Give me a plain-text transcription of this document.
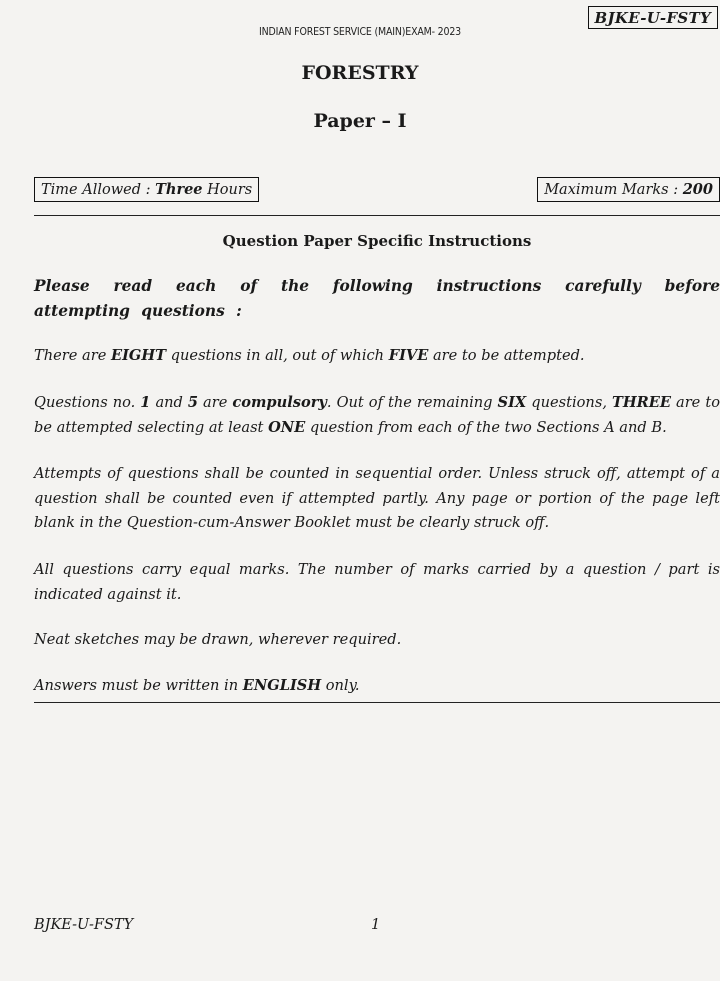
INDIAN FOREST SERVICE (MAIN)EXAM- 2023
BJKE-U-FSTY
FORESTRY
Paper – I
Time Allowed : Three Hours	Maximum Marks : 200
Question Paper Specific Instructions
Please read each of the following instructions carefully before attempting questions :
There are EIGHT questions in all, out of which FIVE are to be attempted.
Questions no. 1 and 5 are compulsory. Out of the remaining SIX questions, THREE are to be attempted selecting at least ONE question from each of the two Sections A and B.
Attempts of questions shall be counted in sequential order. Unless struck off, attempt of a question shall be counted even if attempted partly. Any page or portion of the page left blank in the Question-cum-Answer Booklet must be clearly struck off.
All questions carry equal marks. The number of marks carried by a question / part is indicated against it.
Neat sketches may be drawn, wherever required.
Answers must be written in ENGLISH only.
BJKE-U-FSTY	1
